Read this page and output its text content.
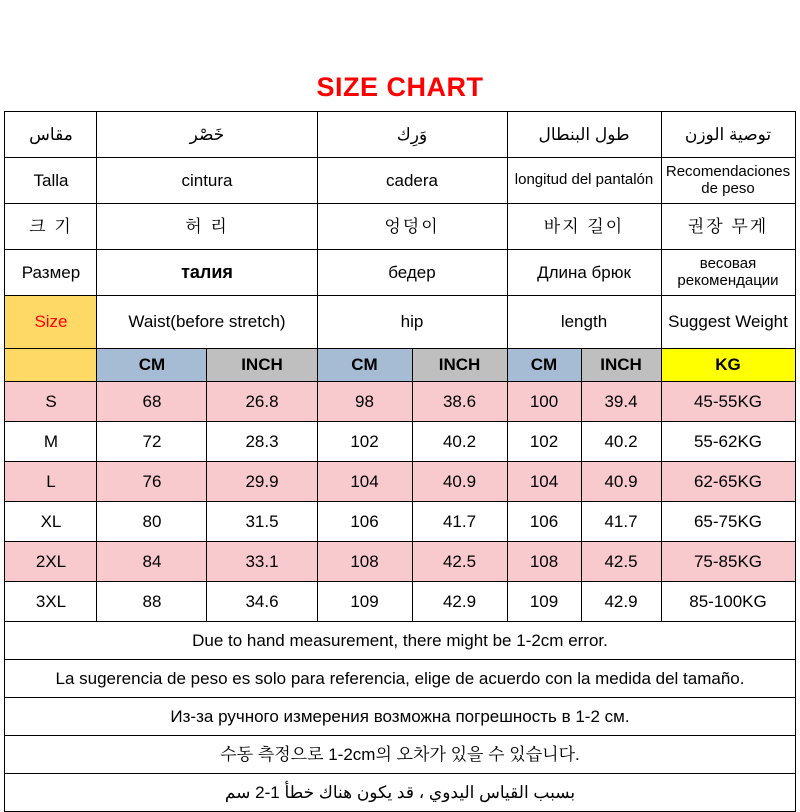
SIZE CHART
مقاس	خَصْر		وَرِك		طول البنطال		توصية الوزن
Talla	cintura		cadera		longitud del pantalón		Recomendaciones de peso
크 기	허 리		엉덩이		바지 길이		권장 무게
Размер	талия		бедер		Длина брюк		весовая рекомендации
Size	Waist(before stretch)		hip		length		Suggest Weight
	CM	INCH	CM	INCH	CM	INCH	KG
S	68	26.8	98	38.6	100	39.4	45-55KG
M	72	28.3	102	40.2	102	40.2	55-62KG
L	76	29.9	104	40.9	104	40.9	62-65KG
XL	80	31.5	106	41.7	106	41.7	65-75KG
2XL	84	33.1	108	42.5	108	42.5	75-85KG
3XL	88	34.6	109	42.9	109	42.9	85-100KG
Due to hand measurement, there might be 1-2cm error.							
La sugerencia de peso es solo para referencia, elige de acuerdo con la medida del tamaño.							
Из-за ручного измерения возможна погрешность в 1-2 см.							
수동 측정으로 1-2cm의 오차가 있을 수 있습니다.							
بسبب القياس اليدوي ، قد يكون هناك خطأ 1-2 سم							
